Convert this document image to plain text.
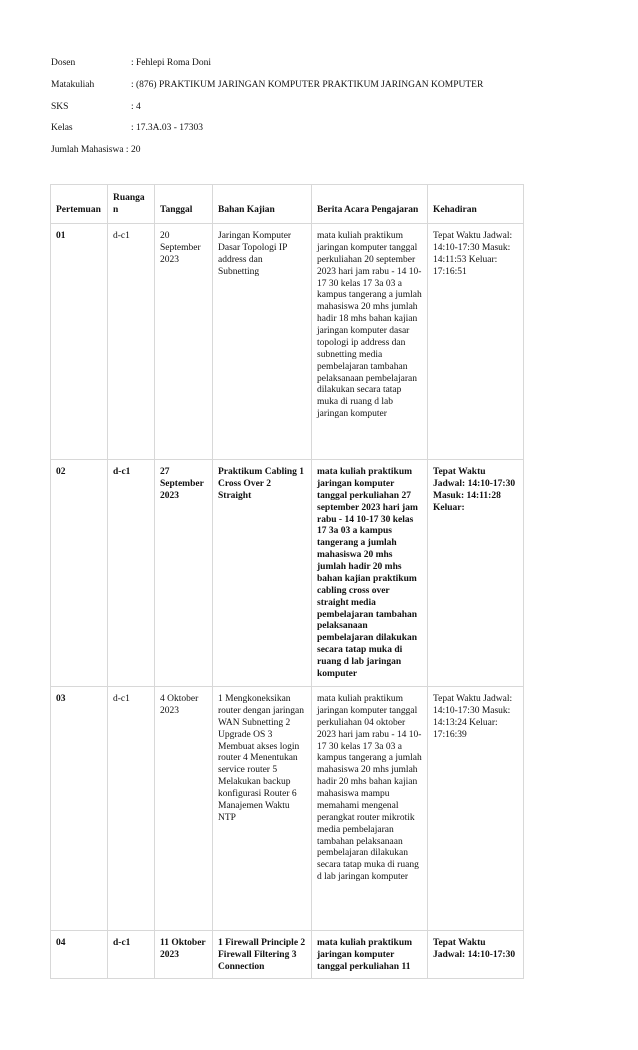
Dosen	: Fehlepi Roma Doni
Matakuliah	: (876) PRAKTIKUM JARINGAN KOMPUTER PRAKTIKUM JARINGAN KOMPUTER
SKS	: 4
Kelas	: 17.3A.03 - 17303
Jumlah Mahasiswa : 20
Pertemuan	Ruangan	Tanggal	Bahan Kajian	Berita Acara Pengajaran	Kehadiran
01	d-c1	20 September 2023	Jaringan Komputer Dasar Topologi IP address dan Subnetting	mata kuliah praktikum jaringan komputer tanggal perkuliahan 20 september 2023 hari jam rabu - 14 10-17 30 kelas 17 3a 03 a kampus tangerang a jumlah mahasiswa 20 mhs jumlah hadir 18 mhs bahan kajian jaringan komputer dasar topologi ip address dan subnetting media pembelajaran tambahan pelaksanaan pembelajaran dilakukan secara tatap muka di ruang d lab jaringan komputer	Tepat Waktu Jadwal: 14:10-17:30 Masuk: 14:11:53 Keluar: 17:16:51
02	d-c1	27 September 2023	Praktikum Cabling 1 Cross Over 2 Straight	mata kuliah praktikum jaringan komputer tanggal perkuliahan 27 september 2023 hari jam rabu - 14 10-17 30 kelas 17 3a 03 a kampus tangerang a jumlah mahasiswa 20 mhs jumlah hadir 20 mhs bahan kajian praktikum cabling cross over straight media pembelajaran tambahan pelaksanaan pembelajaran dilakukan secara tatap muka di ruang d lab jaringan komputer	Tepat Waktu Jadwal: 14:10-17:30 Masuk: 14:11:28 Keluar:
03	d-c1	4 Oktober 2023	1 Mengkoneksikan router dengan jaringan WAN Subnetting 2 Upgrade OS 3 Membuat akses login router 4 Menentukan service router 5 Melakukan backup konfigurasi Router 6 Manajemen Waktu NTP	mata kuliah praktikum jaringan komputer tanggal perkuliahan 04 oktober 2023 hari jam rabu - 14 10-17 30 kelas 17 3a 03 a kampus tangerang a jumlah mahasiswa 20 mhs jumlah hadir 20 mhs bahan kajian mahasiswa mampu memahami mengenal perangkat router mikrotik media pembelajaran tambahan pelaksanaan pembelajaran dilakukan secara tatap muka di ruang d lab jaringan komputer	Tepat Waktu Jadwal: 14:10-17:30 Masuk: 14:13:24 Keluar: 17:16:39
04	d-c1	11 Oktober 2023	1 Firewall Principle 2 Firewall Filtering 3 Connection	mata kuliah praktikum jaringan komputer tanggal perkuliahan 11	Tepat Waktu Jadwal: 14:10-17:30
